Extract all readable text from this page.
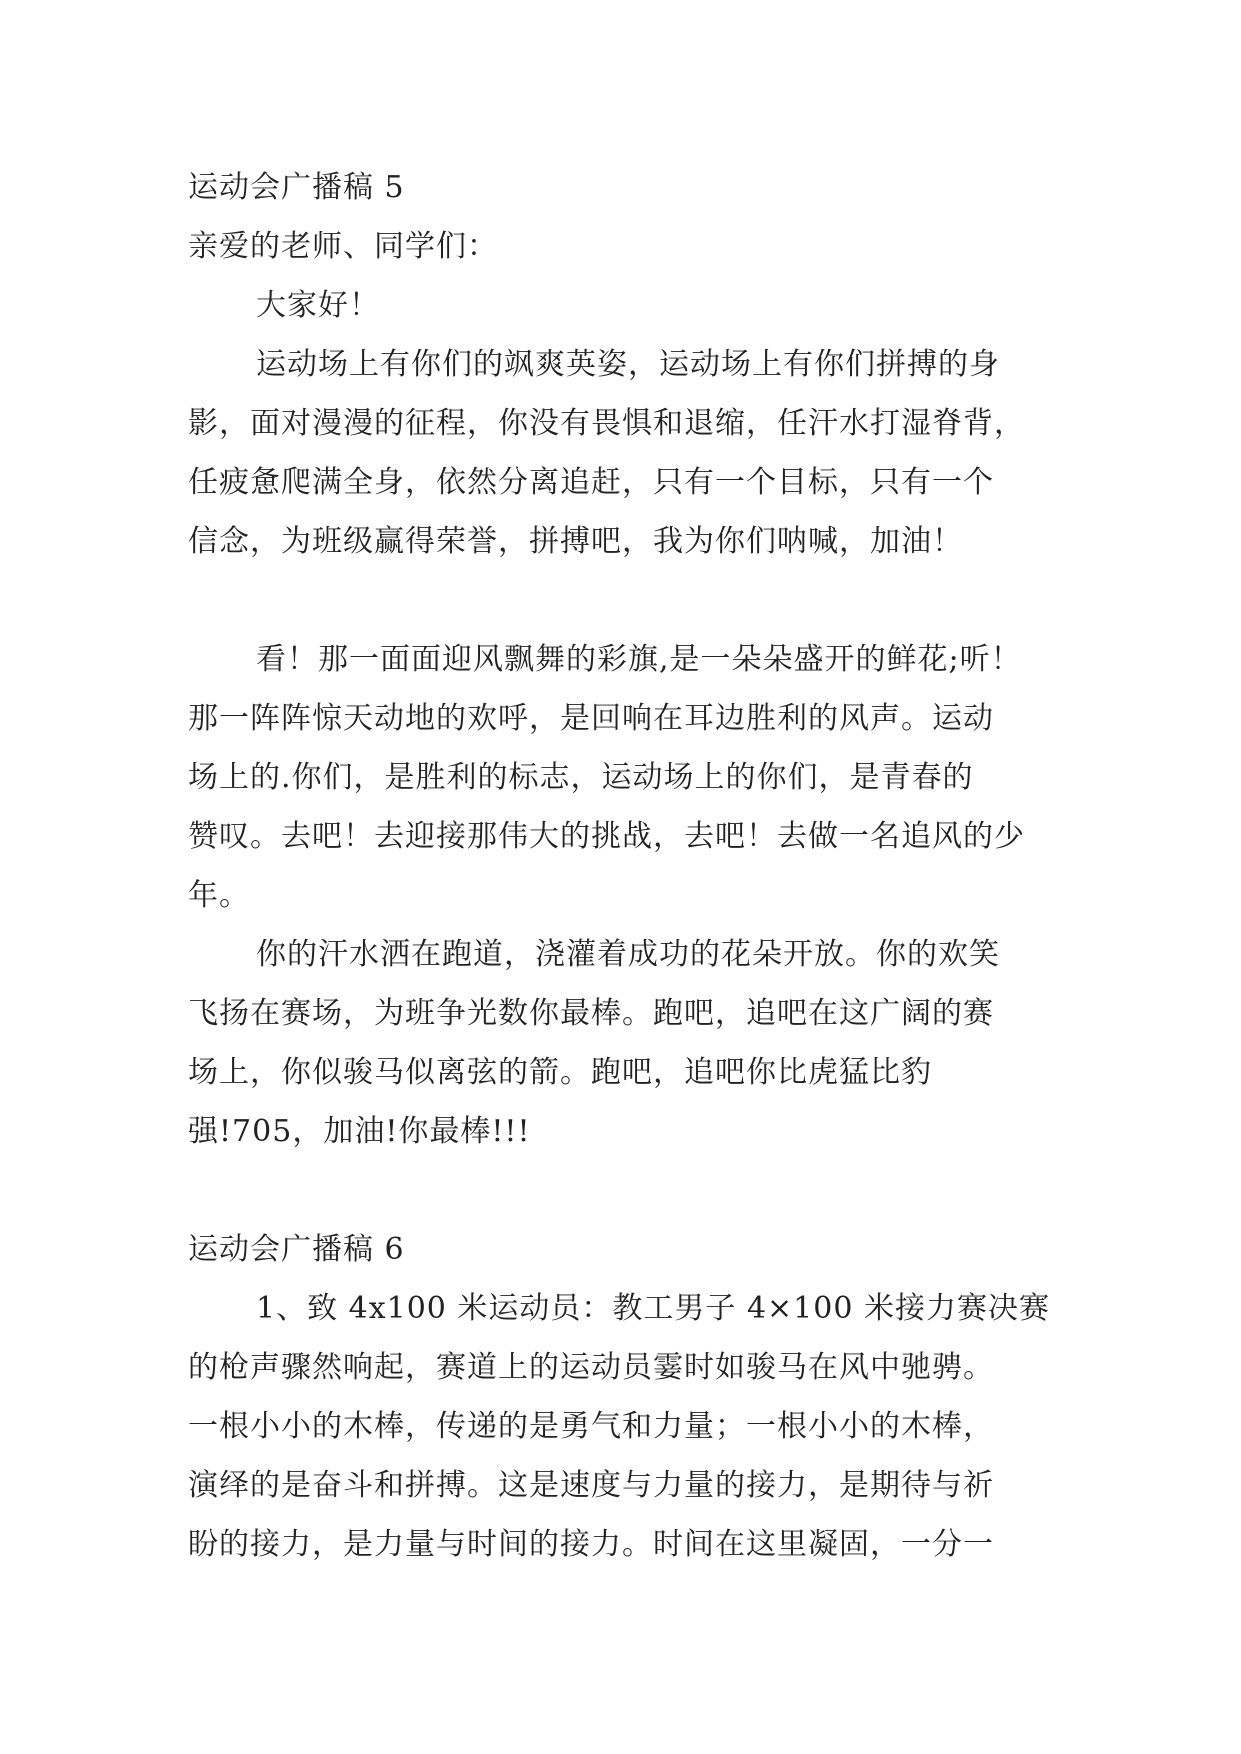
运动会广播稿 5
亲爱的老师、同学们：
大家好！
运动场上有你们的飒爽英姿，运动场上有你们拼搏的身
影，面对漫漫的征程，你没有畏惧和退缩，任汗水打湿脊背，
任疲惫爬满全身，依然分离追赶，只有一个目标，只有一个
信念，为班级赢得荣誉，拼搏吧，我为你们呐喊，加油！
看！那一面面迎风飘舞的彩旗,是一朵朵盛开的鲜花;听！
那一阵阵惊天动地的欢呼，是回响在耳边胜利的风声。运动
场上的.你们，是胜利的标志，运动场上的你们，是青春的
赞叹。去吧！去迎接那伟大的挑战，去吧！去做一名追风的少
年。
你的汗水洒在跑道，浇灌着成功的花朵开放。你的欢笑
飞扬在赛场，为班争光数你最棒。跑吧，追吧在这广阔的赛
场上，你似骏马似离弦的箭。跑吧，追吧你比虎猛比豹
强!705，加油!你最棒!!!
运动会广播稿 6
1、致 4x100 米运动员：教工男子 4×100 米接力赛决赛
的枪声骤然响起，赛道上的运动员霎时如骏马在风中驰骋。
一根小小的木棒，传递的是勇气和力量；一根小小的木棒，
演绎的是奋斗和拼搏。这是速度与力量的接力，是期待与祈
盼的接力，是力量与时间的接力。时间在这里凝固，一分一
